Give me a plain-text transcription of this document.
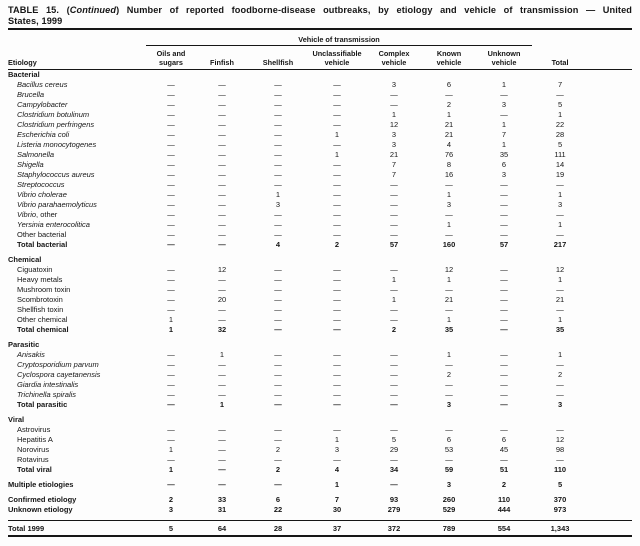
TABLE 15. (Continued) Number of reported foodborne-disease outbreaks, by etiology and vehicle of transmission — United
States, 1999
	Vehicle of transmission								
Etiology	
Oils and
sugars	Finfish	Shellfish

Unclassifiable
vehicle

Complex
vehicle

Known
vehicle

Unknown
vehicle	Total

Bacterial									
Bacillus cereus	—	—	—	—	3	6	1	7	
Brucella	—	—	—	—	—	—	—	—	
Campylobacter	—	—	—	—	—	2	3	5	
Clostridium botulinum	—	—	—	—	1	1	—	1	
Clostridium perfringens	—	—	—	—	12	21	1	22	
Escherichia coli	—	—	—	1	3	21	7	28	
Listeria monocytogenes	—	—	—	—	3	4	1	5	
Salmonella	—	—	—	1	21	76	35	111	
Shigella	—	—	—	—	7	8	6	14	
Staphylococcus aureus	—	—	—	—	7	16	3	19	
Streptococcus	—	—	—	—	—	—	—	—	
Vibrio cholerae	—	—	1	—	—	1	—	1	
Vibrio parahaemolyticus	—	—	3	—	—	3	—	3	
Vibrio, other	—	—	—	—	—	—	—	—	
Yersinia enterocolitica	—	—	—	—	—	1	—	1	
Other bacterial	—	—	—	—	—	—	—	—	
Total bacterial	—	—	4	2	57	160	57	217	

Chemical									
Ciguatoxin	—	12	—	—	—	12	—	12	
Heavy metals	—	—	—	—	1	1	—	1	
Mushroom toxin	—	—	—	—	—	—	—	—	
Scombrotoxin	—	20	—	—	1	21	—	21	
Shellfish toxin	—	—	—	—	—	—	—	—	
Other chemical	1	—	—	—	—	1	—	1	
Total chemical	1	32	—	—	2	35	—	35	

Parasitic									
Anisakis	—	1	—	—	—	1	—	1	
Cryptosporidium parvum	—	—	—	—	—	—	—	—	
Cyclospora cayetanensis	—	—	—	—	—	2	—	2	
Giardia intestinalis	—	—	—	—	—	—	—	—	
Trichinella spiralis	—	—	—	—	—	—	—	—	
Total parasitic	—	1	—	—	—	3	—	3	

Viral									
Astrovirus	—	—	—	—	—	—	—	—	
Hepatitis A	—	—	—	1	5	6	6	12	
Norovirus	1	—	2	3	29	53	45	98	
Rotavirus	—	—	—	—	—	—	—	—	
Total viral	1	—	2	4	34	59	51	110	

Multiple etiologies	—	—	—	1	—	3	2	5	

Confirmed etiology	2	33	6	7	93	260	110	370	
Unknown etiology	3	31	22	30	279	529	444	973	

Total 1999	5	64	28	37	372	789	554	1,343	
